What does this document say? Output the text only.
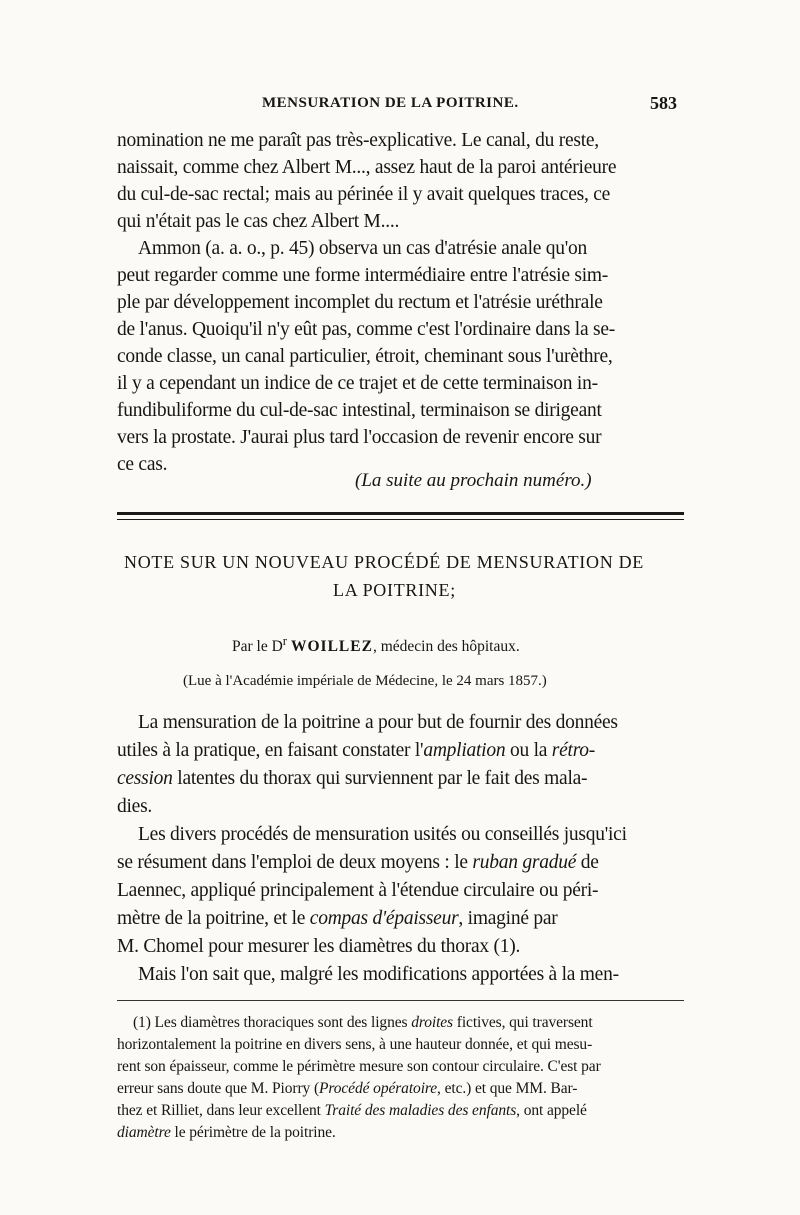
MENSURATION DE LA POITRINE.	583
nomination ne me paraît pas très-explicative. Le canal, du reste,
naissait, comme chez Albert M..., assez haut de la paroi antérieure
du cul-de-sac rectal; mais au périnée il y avait quelques traces, ce
qui n'était pas le cas chez Albert M....
Ammon (a. a. o., p. 45) observa un cas d'atrésie anale qu'on
peut regarder comme une forme intermédiaire entre l'atrésie sim-
ple par développement incomplet du rectum et l'atrésie uréthrale
de l'anus. Quoiqu'il n'y eût pas, comme c'est l'ordinaire dans la se-
conde classe, un canal particulier, étroit, cheminant sous l'urèthre,
il y a cependant un indice de ce trajet et de cette terminaison in-
fundibuliforme du cul-de-sac intestinal, terminaison se dirigeant
vers la prostate. J'aurai plus tard l'occasion de revenir encore sur
ce cas.
(La suite au prochain numéro.)
NOTE SUR UN NOUVEAU PROCÉDÉ DE MENSURATION DE
LA POITRINE;
Par le $D^r$ WOILLEZ, médecin des hôpitaux.
(Lue à l'Académie impériale de Médecine, le 24 mars 1857.)
La mensuration de la poitrine a pour but de fournir des données
utiles à la pratique, en faisant constater l'ampliation ou la rétro-
cession latentes du thorax qui surviennent par le fait des mala-
dies.
Les divers procédés de mensuration usités ou conseillés jusqu'ici
se résument dans l'emploi de deux moyens : le ruban gradué de
Laennec, appliqué principalement à l'étendue circulaire ou péri-
mètre de la poitrine, et le compas d'épaisseur, imaginé par
M. Chomel pour mesurer les diamètres du thorax (1).
Mais l'on sait que, malgré les modifications apportées à la men-
(1) Les diamètres thoraciques sont des lignes droites fictives, qui traversent
horizontalement la poitrine en divers sens, à une hauteur donnée, et qui mesu-
rent son épaisseur, comme le périmètre mesure son contour circulaire. C'est par
erreur sans doute que M. Piorry (Procédé opératoire, etc.) et que MM. Bar-
thez et Rilliet, dans leur excellent Traité des maladies des enfants, ont appelé
diamètre le périmètre de la poitrine.
